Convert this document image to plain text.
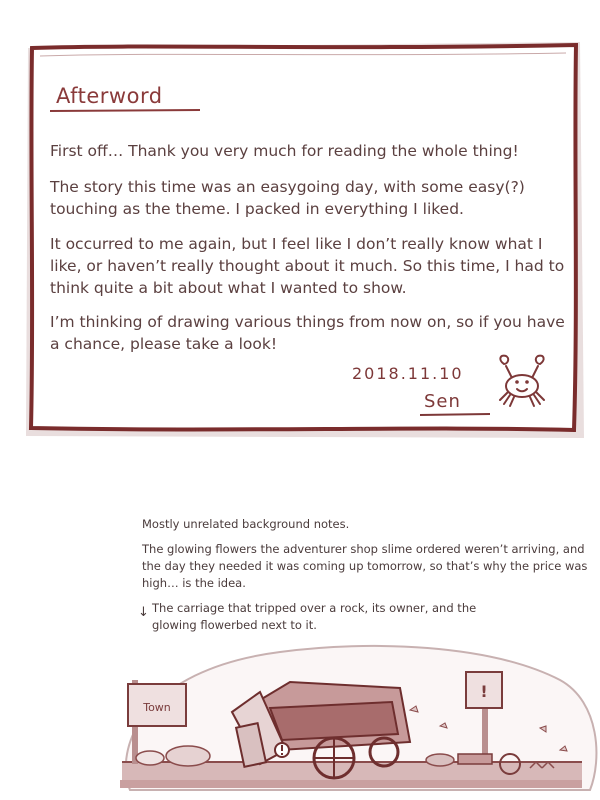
Afterword
First off… Thank you very much for reading the whole thing!
The story this time was an easygoing day, with some easy(?) touching as the theme. I packed in everything I liked.
It occurred to me again, but I feel like I don’t really know what I like, or haven’t really thought about it much. So this time, I had to think quite a bit about what I wanted to show.
I’m thinking of drawing various things from now on, so if you have a chance, please take a look!
2018.11.10
Sen
Mostly unrelated background notes.
The glowing flowers the adventurer shop slime ordered weren’t arriving, and the day they needed it was coming up tomorrow, so that’s why the price was high… is the idea.
↓ The carriage that tripped over a rock, its owner, and the glowing flowerbed next to it.
Town
!
